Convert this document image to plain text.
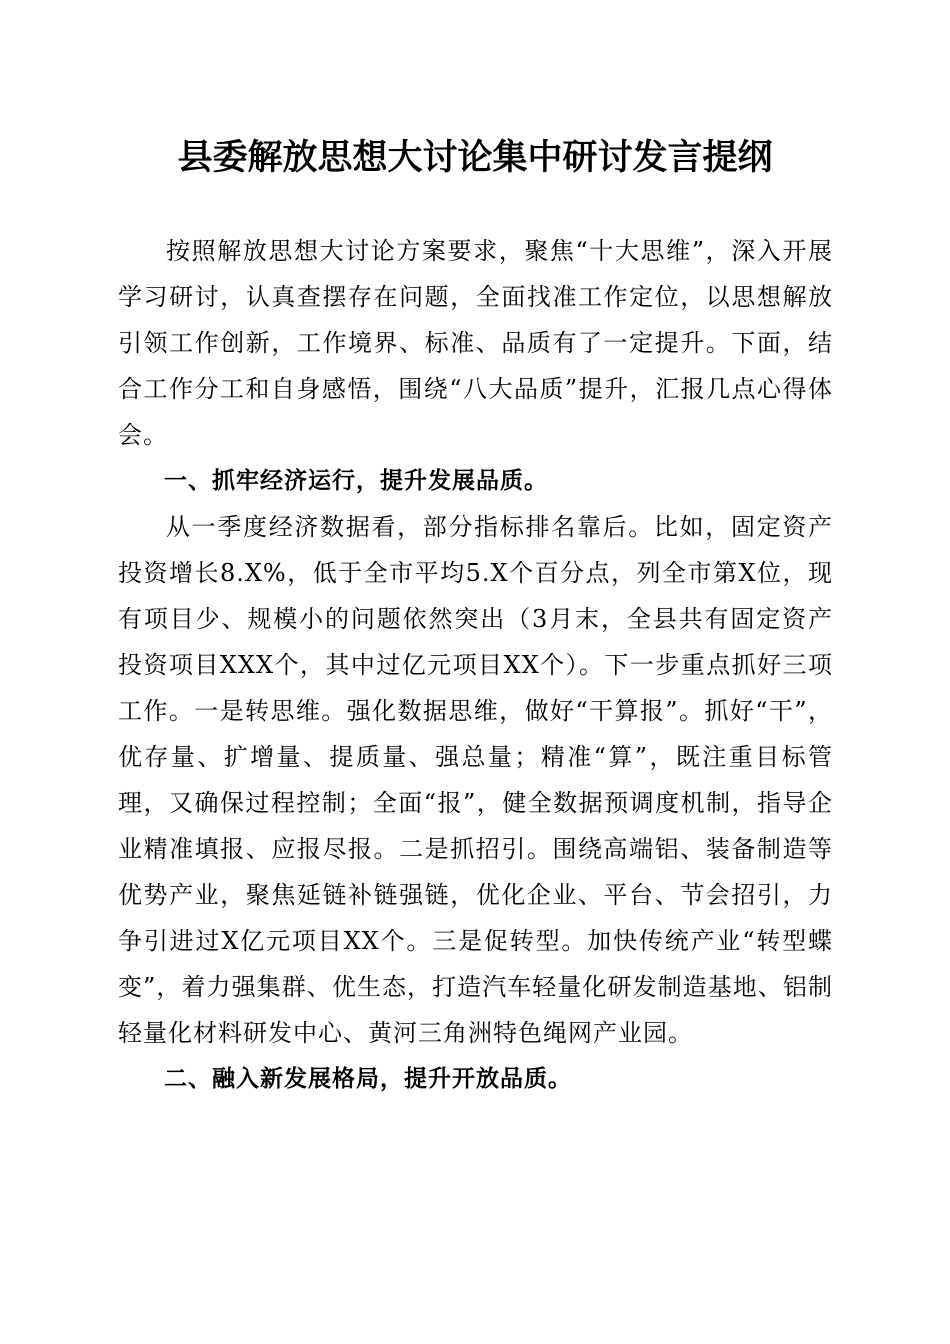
县委解放思想大讨论集中研讨发言提纲

按照解放思想大讨论方案要求，聚焦“十大思维”，深入开展学习研讨，认真查摆存在问题，全面找准工作定位，以思想解放引领工作创新，工作境界、标准、品质有了一定提升。下面，结合工作分工和自身感悟，围绕“八大品质”提升，汇报几点心得体会。

一、抓牢经济运行，提升发展品质。

从一季度经济数据看，部分指标排名靠后。比如，固定资产投资增长8.X%，低于全市平均5.X个百分点，列全市第X位，现有项目少、规模小的问题依然突出（3月末，全县共有固定资产投资项目XXX个，其中过亿元项目XX个）。下一步重点抓好三项工作。一是转思维。强化数据思维，做好“干算报”。抓好“干”，优存量、扩增量、提质量、强总量；精准“算”，既注重目标管理，又确保过程控制；全面“报”，健全数据预调度机制，指导企业精准填报、应报尽报。二是抓招引。围绕高端铝、装备制造等优势产业，聚焦延链补链强链，优化企业、平台、节会招引，力争引进过X亿元项目XX个。三是促转型。加快传统产业“转型蝶变”，着力强集群、优生态，打造汽车轻量化研发制造基地、铝制轻量化材料研发中心、黄河三角洲特色绳网产业园。

二、融入新发展格局，提升开放品质。
